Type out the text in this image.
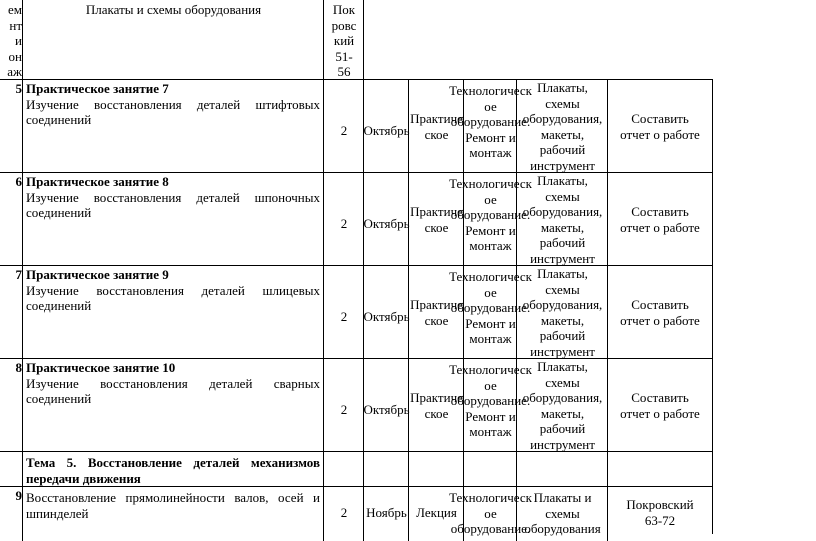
ем
нт
и
он
аж
Плакаты и схемы оборудования	Пок
ровс
кий
51-
56
5 Практическое занятие 7
Изучение восстановления деталей штифтовых соединений
2 Октябрь
Практиче
ское
Технологическ
ое
оборудование.
Ремонт и
монтаж
Плакаты,
схемы
оборудования,
макеты,
рабочий
инструмент
Составить
отчет о работе
6 Практическое занятие 8
Изучение восстановления деталей шпоночных соединений
2 Октябрь
Практиче
ское
Технологическ
ое
оборудование.
Ремонт и
монтаж
Плакаты,
схемы
оборудования,
макеты,
рабочий
инструмент
Составить
отчет о работе
7 Практическое занятие 9
Изучение восстановления деталей шлицевых соединений
2 Октябрь
Практиче
ское
Технологическ
ое
оборудование.
Ремонт и
монтаж
Плакаты,
схемы
оборудования,
макеты,
рабочий
инструмент
Составить
отчет о работе
8 Практическое занятие 10
Изучение восстановления деталей сварных соединений
2 Октябрь
Практиче
ское
Технологическ
ое
оборудование.
Ремонт и
монтаж
Плакаты,
схемы
оборудования,
макеты,
рабочий
инструмент
Составить
отчет о работе
Тема 5. Восстановление деталей механизмов передачи движения
9 Восстановление прямолинейности валов, осей и шпинделей	2 Ноябрь Лекция
Технологическ
ое
оборудование.
Плакаты и
схемы
оборудования
Покровский
63-72
